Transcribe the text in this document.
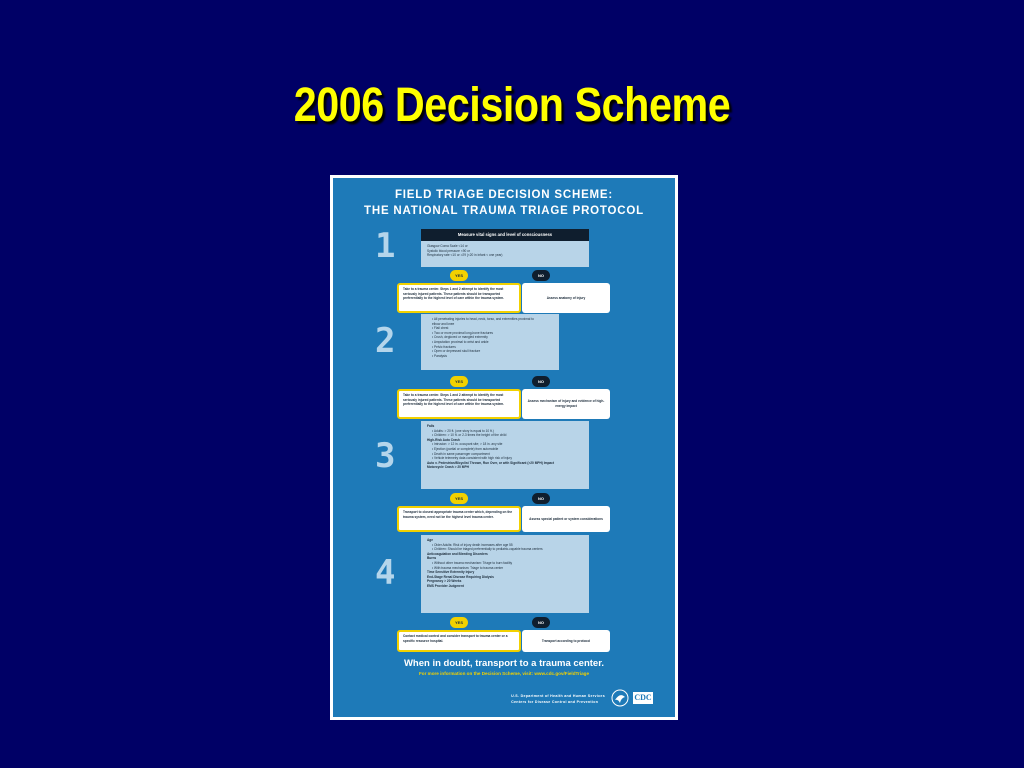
2006 Decision Scheme
FIELD TRIAGE DECISION SCHEME:
THE NATIONAL TRAUMA TRIAGE PROTOCOL
Measure vital signs and level of consciousness
1	Glasgow Coma Scale <14 or
Systolic blood pressure <90 or
Respiratory rate <10 or >29 (<20 in infant < one year)
YES	NO
Take to a trauma center. Steps 1 and 2 attempt to identify the most seriously injured patients. These patients should be transported preferentially to the highest level of care within the trauma system.	Assess anatomy of injury
2
• All penetrating injuries to head, neck, torso, and extremities proximal to
elbow and knee
• Flail chest
• Two or more proximal long-bone fractures
• Crush, degloved or mangled extremity
• Amputation proximal to wrist and ankle
• Pelvic fractures
• Open or depressed skull fracture
• Paralysis
YES	NO
Take to a trauma center. Steps 1 and 2 attempt to identify the most seriously injured patients. These patients should be transported preferentially to the highest level of care within the trauma system.
Assess mechanism of injury and evidence of high-energy impact
3
Falls
• Adults: > 20 ft. (one story is equal to 10 ft.)
• Children: > 10 ft. or 2-3 times the height of the child
High-Risk Auto Crash
• Intrusion: > 12 in. occupant site; > 18 in. any site
• Ejection (partial or complete) from automobile
• Death in same passenger compartment
• Vehicle telemetry data consistent with high risk of injury
Auto v. Pedestrian/Bicyclist Thrown, Run Over, or with Significant (>20 MPH) Impact
Motorcycle Crash > 20 MPH
YES	NO
Transport to closest appropriate trauma center which, depending on the trauma system, need not be the highest level trauma center.
Assess special patient or system considerations
4
Age
• Older Adults: Risk of injury death increases after age 55
• Children: Should be triaged preferentially to pediatric-capable trauma centers
Anticoagulation and Bleeding Disorders
Burns
• Without other trauma mechanism: Triage to burn facility
• With trauma mechanism: Triage to trauma center
Time Sensitive Extremity Injury
End-Stage Renal Disease Requiring Dialysis
Pregnancy > 20 Weeks
EMS Provider Judgment
YES	NO
Contact medical control and consider transport to trauma center or a specific resource hospital.	Transport according to protocol
When in doubt, transport to a trauma center.
For more information on the Decision Scheme, visit: www.cdc.gov/FieldTriage
U.S. Department of Health and Human Services
Centers for Disease Control and Prevention	CDC
